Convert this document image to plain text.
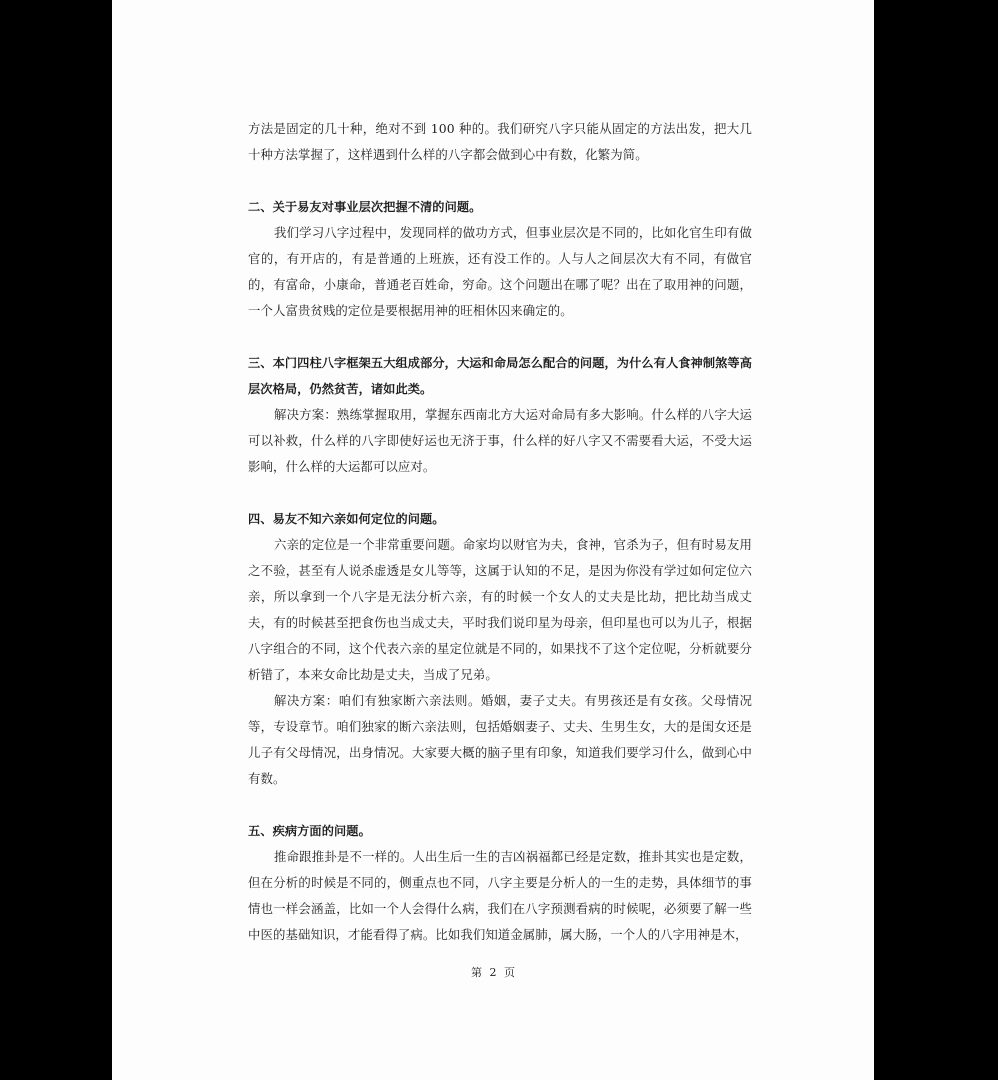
方法是固定的几十种，绝对不到 100 种的。我们研究八字只能从固定的方法出发，把大几十种方法掌握了，这样遇到什么样的八字都会做到心中有数，化繁为简。

二、关于易友对事业层次把握不清的问题。

我们学习八字过程中，发现同样的做功方式，但事业层次是不同的，比如化官生印有做官的，有开店的，有是普通的上班族，还有没工作的。人与人之间层次大有不同，有做官的，有富命，小康命，普通老百姓命，穷命。这个问题出在哪了呢？出在了取用神的问题，一个人富贵贫贱的定位是要根据用神的旺相休囚来确定的。

三、本门四柱八字框架五大组成部分，大运和命局怎么配合的问题，为什么有人食神制煞等高层次格局，仍然贫苦，诸如此类。

解决方案：熟练掌握取用，掌握东西南北方大运对命局有多大影响。什么样的八字大运可以补救，什么样的八字即使好运也无济于事，什么样的好八字又不需要看大运，不受大运影响，什么样的大运都可以应对。

四、易友不知六亲如何定位的问题。

六亲的定位是一个非常重要问题。命家均以财官为夫，食神，官杀为子，但有时易友用之不验，甚至有人说杀虚透是女儿等等，这属于认知的不足，是因为你没有学过如何定位六亲，所以拿到一个八字是无法分析六亲，有的时候一个女人的丈夫是比劫，把比劫当成丈夫，有的时候甚至把食伤也当成丈夫，平时我们说印星为母亲，但印星也可以为儿子，根据八字组合的不同，这个代表六亲的星定位就是不同的，如果找不了这个定位呢，分析就要分析错了，本来女命比劫是丈夫，当成了兄弟。

解决方案：咱们有独家断六亲法则。婚姻，妻子丈夫。有男孩还是有女孩。父母情况等，专设章节。咱们独家的断六亲法则，包括婚姻妻子、丈夫、生男生女，大的是闺女还是儿子有父母情况，出身情况。大家要大概的脑子里有印象，知道我们要学习什么，做到心中有数。

五、疾病方面的问题。

推命跟推卦是不一样的。人出生后一生的吉凶祸福都已经是定数，推卦其实也是定数，但在分析的时候是不同的，侧重点也不同，八字主要是分析人的一生的走势，具体细节的事情也一样会涵盖，比如一个人会得什么病，我们在八字预测看病的时候呢，必须要了解一些中医的基础知识，才能看得了病。比如我们知道金属肺，属大肠，一个人的八字用神是木，

第 2 页
